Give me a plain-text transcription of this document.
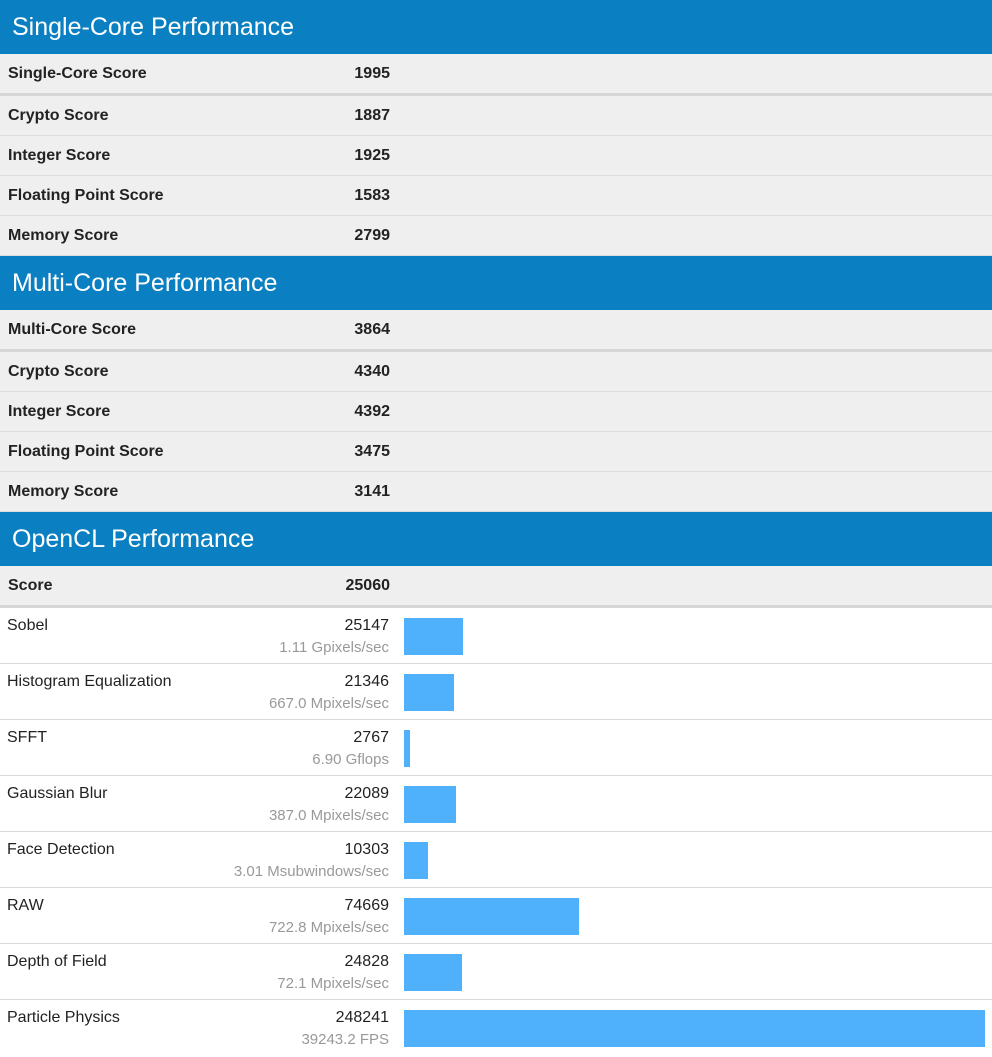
Single-Core Performance
Single-Core Score	1995
Crypto Score	1887
Integer Score	1925
Floating Point Score	1583
Memory Score	2799
Multi-Core Performance
Multi-Core Score	3864
Crypto Score	4340
Integer Score	4392
Floating Point Score	3475
Memory Score	3141
OpenCL Performance
Score	25060
Sobel	25147
1.11 Gpixels/sec
Histogram Equalization	21346
667.0 Mpixels/sec
SFFT	2767
6.90 Gflops
Gaussian Blur	22089
387.0 Mpixels/sec
Face Detection	10303
3.01 Msubwindows/sec
RAW	74669
722.8 Mpixels/sec
Depth of Field	24828
72.1 Mpixels/sec
Particle Physics	248241
39243.2 FPS
